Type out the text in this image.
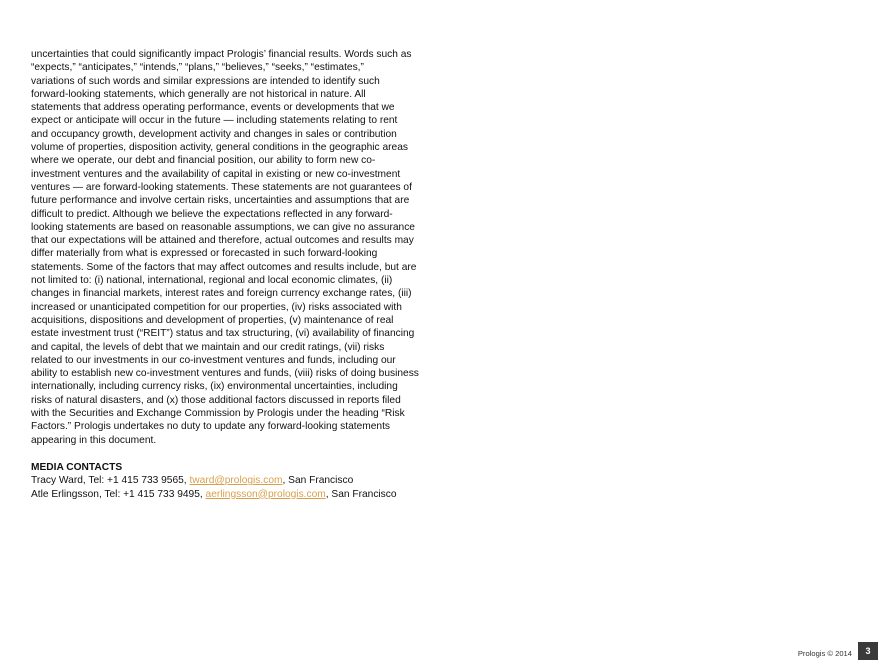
uncertainties that could significantly impact Prologis’ financial results. Words such as
“expects,” “anticipates,” “intends,” “plans,” “believes,” “seeks,” “estimates,”
variations of such words and similar expressions are intended to identify such
forward-looking statements, which generally are not historical in nature. All
statements that address operating performance, events or developments that we
expect or anticipate will occur in the future — including statements relating to rent
and occupancy growth, development activity and changes in sales or contribution
volume of properties, disposition activity, general conditions in the geographic areas
where we operate, our debt and financial position, our ability to form new co-
investment ventures and the availability of capital in existing or new co-investment
ventures — are forward-looking statements. These statements are not guarantees of
future performance and involve certain risks, uncertainties and assumptions that are
difficult to predict. Although we believe the expectations reflected in any forward-
looking statements are based on reasonable assumptions, we can give no assurance
that our expectations will be attained and therefore, actual outcomes and results may
differ materially from what is expressed or forecasted in such forward-looking
statements. Some of the factors that may affect outcomes and results include, but are
not limited to: (i) national, international, regional and local economic climates, (ii)
changes in financial markets, interest rates and foreign currency exchange rates, (iii)
increased or unanticipated competition for our properties, (iv) risks associated with
acquisitions, dispositions and development of properties, (v) maintenance of real
estate investment trust (“REIT”) status and tax structuring, (vi) availability of financing
and capital, the levels of debt that we maintain and our credit ratings, (vii) risks
related to our investments in our co-investment ventures and funds, including our
ability to establish new co-investment ventures and funds, (viii) risks of doing business
internationally, including currency risks, (ix) environmental uncertainties, including
risks of natural disasters, and (x) those additional factors discussed in reports filed
with the Securities and Exchange Commission by Prologis under the heading “Risk
Factors.” Prologis undertakes no duty to update any forward-looking statements
appearing in this document.
MEDIA CONTACTS
Tracy Ward, Tel: +1 415 733 9565, tward@prologis.com, San Francisco
Atle Erlingsson, Tel: +1 415 733 9495, aerlingsson@prologis.com, San Francisco
Prologis © 2014	3
